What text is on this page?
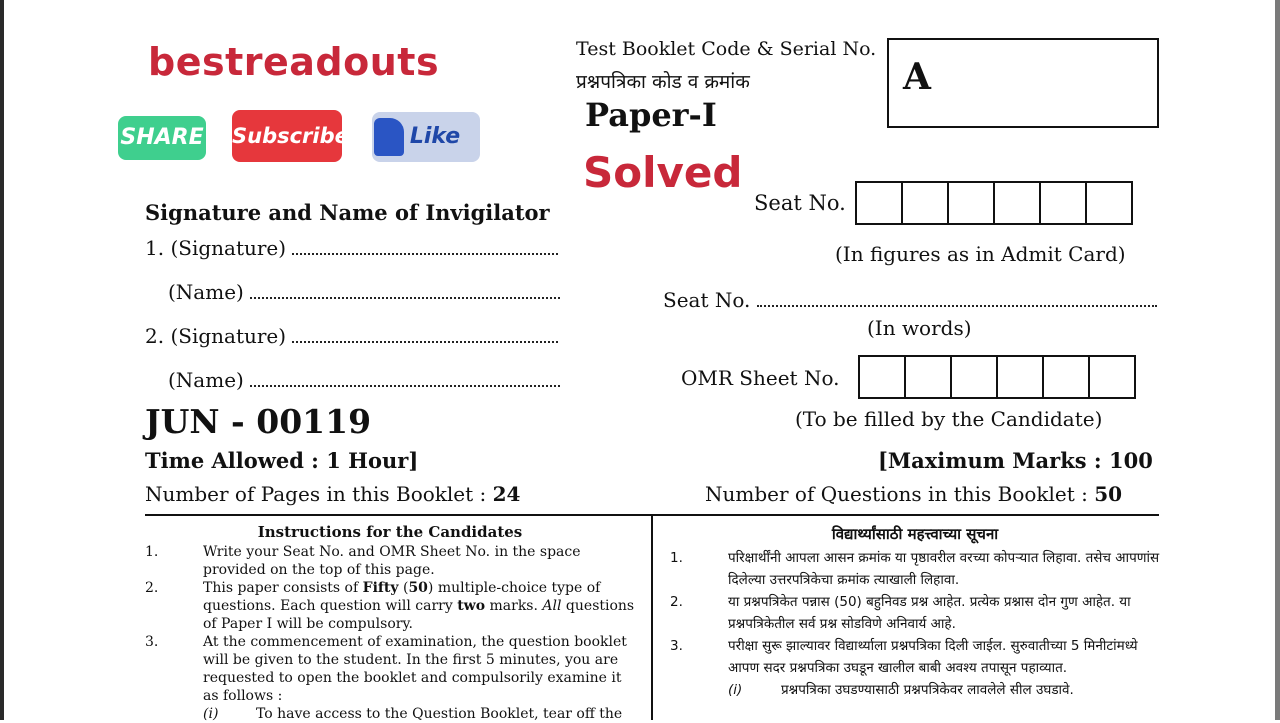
bestreadouts
SHARE Subscribe	Like
Test Booklet Code & Serial No.
प्रश्नपत्रिका कोड व क्रमांक	A
Paper-I
Solved
Signature and Name of Invigilator
1. (Signature)
(Name)
2. (Signature)
(Name)
Seat No.
(In figures as in Admit Card)
Seat No.
(In words)
OMR Sheet No.
(To be filled by the Candidate)
JUN - 00119
Time Allowed : 1 Hour]	[Maximum Marks : 100
Number of Pages in this Booklet : 24	Number of Questions in this Booklet : 50
Instructions for the Candidates
1.	Write your Seat No. and OMR Sheet No. in the space provided on the top of this page.
2.	This paper consists of Fifty (50) multiple-choice type of questions. Each question will carry two marks. All questions of Paper I will be compulsory.
3.	At the commencement of examination, the question booklet will be given to the student. In the first 5 minutes, you are requested to open the booklet and compulsorily examine it as follows :
(i)	To have access to the Question Booklet, tear off the
विद्यार्थ्यांसाठी महत्त्वाच्या सूचना
1.	परिक्षार्थींनी आपला आसन क्रमांक या पृष्ठावरील वरच्या कोपऱ्यात लिहावा. तसेच आपणांस दिलेल्या उत्तरपत्रिकेचा क्रमांक त्याखाली लिहावा.
2.	या प्रश्नपत्रिकेत पन्नास (50) बहुनिवड प्रश्न आहेत. प्रत्येक प्रश्नास दोन गुण आहेत. या प्रश्नपत्रिकेतील सर्व प्रश्न सोडविणे अनिवार्य आहे.
3.	परीक्षा सुरू झाल्यावर विद्यार्थ्याला प्रश्नपत्रिका दिली जाईल. सुरुवातीच्या 5 मिनीटांमध्ये आपण सदर प्रश्नपत्रिका उघडून खालील बाबी अवश्य तपासून पहाव्यात.
(i)	प्रश्नपत्रिका उघडण्यासाठी प्रश्नपत्रिकेवर लावलेले सील उघडावे.
